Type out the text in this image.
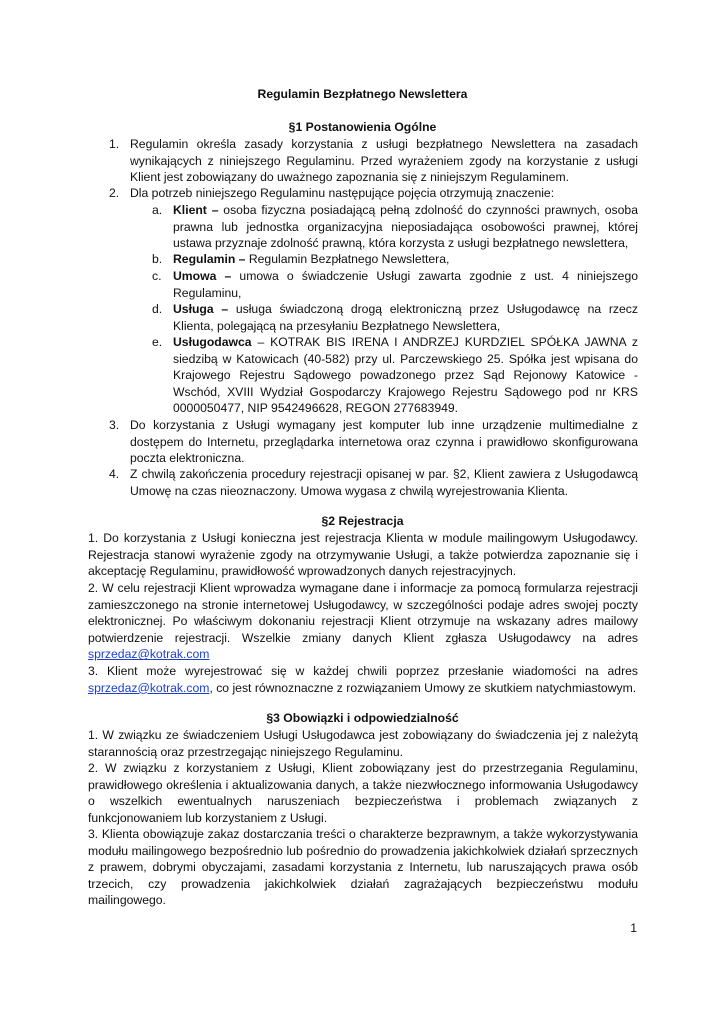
Regulamin Bezpłatnego Newslettera
§1 Postanowienia Ogólne
1. Regulamin określa zasady korzystania z usługi bezpłatnego Newslettera na zasadach wynikających z niniejszego Regulaminu. Przed wyrażeniem zgody na korzystanie z usługi Klient jest zobowiązany do uważnego zapoznania się z niniejszym Regulaminem.
2. Dla potrzeb niniejszego Regulaminu następujące pojęcia otrzymują znaczenie:
a. Klient – osoba fizyczna posiadającą pełną zdolność do czynności prawnych, osoba prawna lub jednostka organizacyjna nieposiadająca osobowości prawnej, której ustawa przyznaje zdolność prawną, która korzysta z usługi bezpłatnego newslettera,
b. Regulamin – Regulamin Bezpłatnego Newslettera,
c. Umowa – umowa o świadczenie Usługi zawarta zgodnie z ust. 4 niniejszego Regulaminu,
d. Usługa – usługa świadczoną drogą elektroniczną przez Usługodawcę na rzecz Klienta, polegającą na przesyłaniu Bezpłatnego Newslettera,
e. Usługodawca – KOTRAK BIS IRENA I ANDRZEJ KURDZIEL SPÓŁKA JAWNA z siedzibą w Katowicach (40-582) przy ul. Parczewskiego 25. Spółka jest wpisana do Krajowego Rejestru Sądowego powadzonego przez Sąd Rejonowy Katowice - Wschód, XVIII Wydział Gospodarczy Krajowego Rejestru Sądowego pod nr KRS 0000050477, NIP 9542496628, REGON 277683949.
3. Do korzystania z Usługi wymagany jest komputer lub inne urządzenie multimedialne z dostępem do Internetu, przeglądarka internetowa oraz czynna i prawidłowo skonfigurowana poczta elektroniczna.
4. Z chwilą zakończenia procedury rejestracji opisanej w par. §2, Klient zawiera z Usługodawcą Umowę na czas nieoznaczony. Umowa wygasa z chwilą wyrejestrowania Klienta.
§2 Rejestracja
1. Do korzystania z Usługi konieczna jest rejestracja Klienta w module mailingowym Usługodawcy. Rejestracja stanowi wyrażenie zgody na otrzymywanie Usługi, a także potwierdza zapoznanie się i akceptację Regulaminu, prawidłowość wprowadzonych danych rejestracyjnych.
2. W celu rejestracji Klient wprowadza wymagane dane i informacje za pomocą formularza rejestracji zamieszczonego na stronie internetowej Usługodawcy, w szczególności podaje adres swojej poczty elektronicznej. Po właściwym dokonaniu rejestracji Klient otrzymuje na wskazany adres mailowy potwierdzenie rejestracji. Wszelkie zmiany danych Klient zgłasza Usługodawcy na adres sprzedaz@kotrak.com
3. Klient może wyrejestrować się w każdej chwili poprzez przesłanie wiadomości na adres sprzedaz@kotrak.com, co jest równoznaczne z rozwiązaniem Umowy ze skutkiem natychmiastowym.
§3 Obowiązki i odpowiedzialność
1. W związku ze świadczeniem Usługi Usługodawca jest zobowiązany do świadczenia jej z należytą starannością oraz przestrzegając niniejszego Regulaminu.
2. W związku z korzystaniem z Usługi, Klient zobowiązany jest do przestrzegania Regulaminu, prawidłowego określenia i aktualizowania danych, a także niezwłocznego informowania Usługodawcy o wszelkich ewentualnych naruszeniach bezpieczeństwa i problemach związanych z funkcjonowaniem lub korzystaniem z Usługi.
3. Klienta obowiązuje zakaz dostarczania treści o charakterze bezprawnym, a także wykorzystywania modułu mailingowego bezpośrednio lub pośrednio do prowadzenia jakichkolwiek działań sprzecznych z prawem, dobrymi obyczajami, zasadami korzystania z Internetu, lub naruszających prawa osób trzecich, czy prowadzenia jakichkolwiek działań zagrażających bezpieczeństwu modułu mailingowego.
1
